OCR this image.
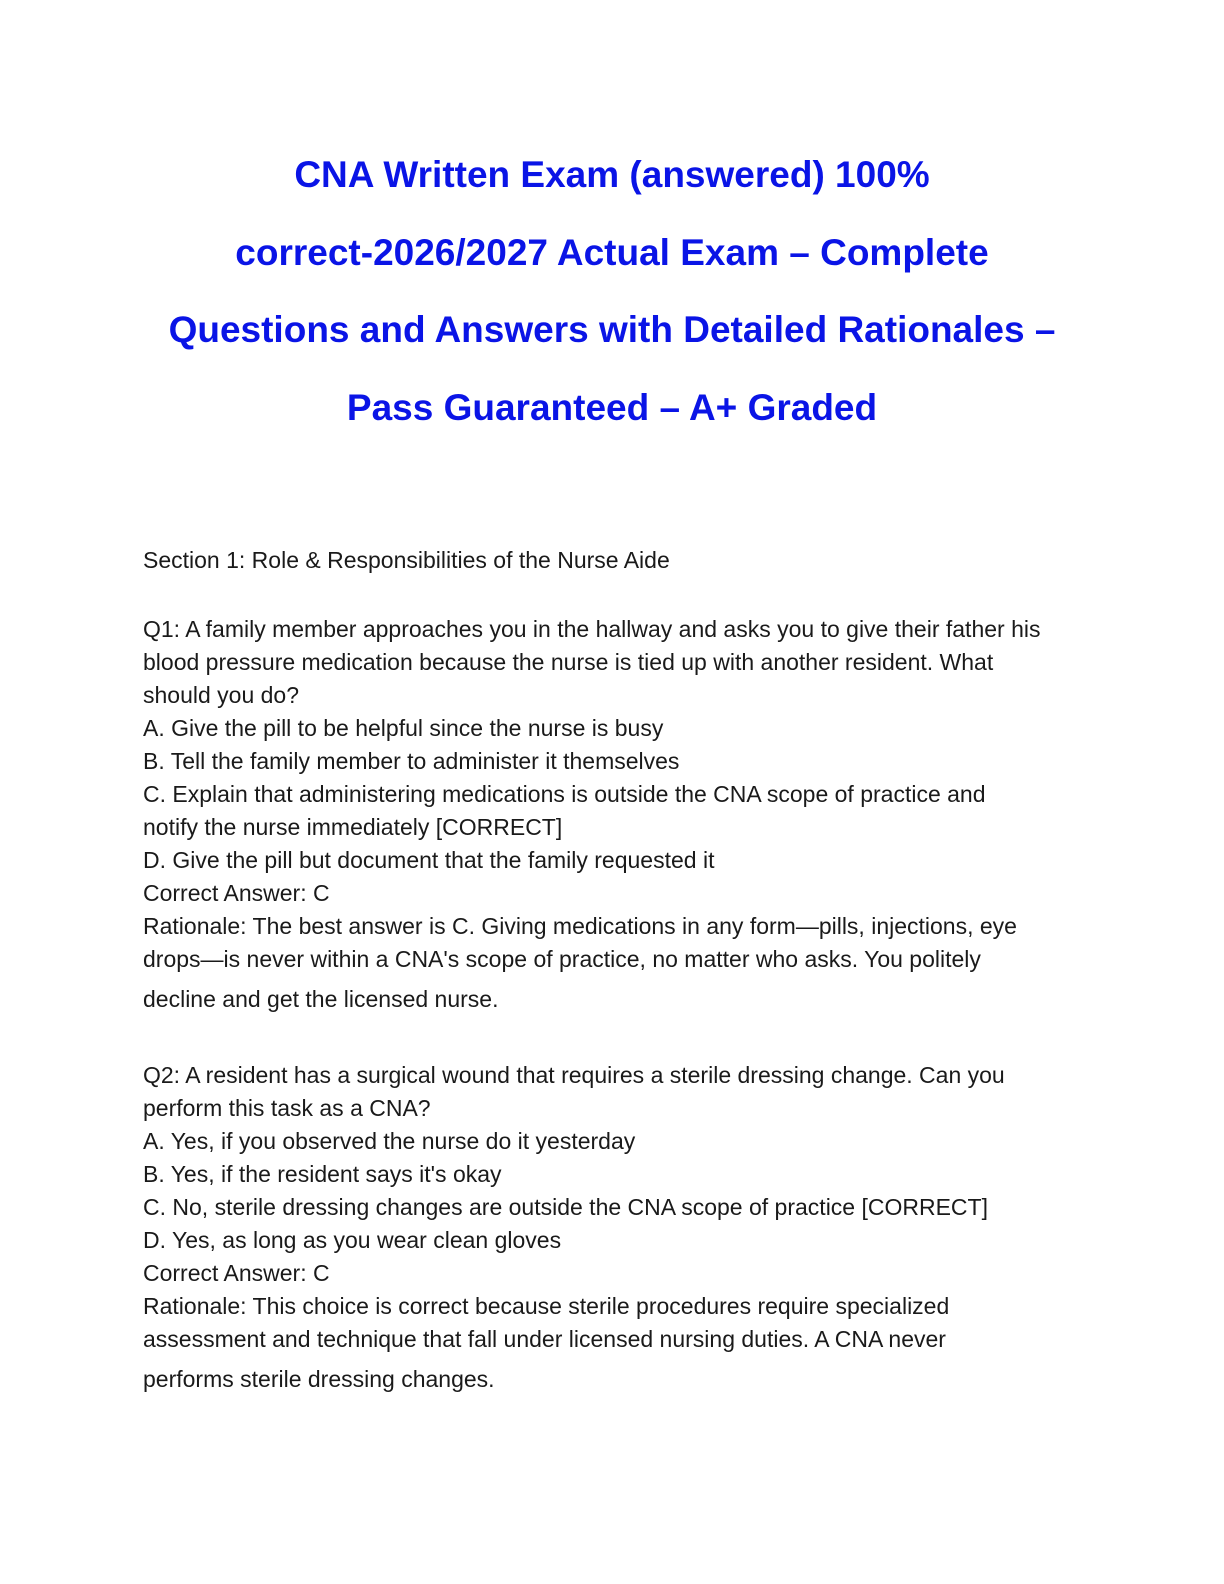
CNA Written Exam (answered) 100%
correct-2026/2027 Actual Exam – Complete
Questions and Answers with Detailed Rationales –
Pass Guaranteed – A+ Graded

Section 1: Role & Responsibilities of the Nurse Aide

Q1: A family member approaches you in the hallway and asks you to give their father his
blood pressure medication because the nurse is tied up with another resident. What
should you do?
A. Give the pill to be helpful since the nurse is busy
B. Tell the family member to administer it themselves
C. Explain that administering medications is outside the CNA scope of practice and
notify the nurse immediately [CORRECT]
D. Give the pill but document that the family requested it
Correct Answer: C
Rationale: The best answer is C. Giving medications in any form—pills, injections, eye
drops—is never within a CNA's scope of practice, no matter who asks. You politely
decline and get the licensed nurse.
Q2: A resident has a surgical wound that requires a sterile dressing change. Can you
perform this task as a CNA?
A. Yes, if you observed the nurse do it yesterday
B. Yes, if the resident says it's okay
C. No, sterile dressing changes are outside the CNA scope of practice [CORRECT]
D. Yes, as long as you wear clean gloves
Correct Answer: C
Rationale: This choice is correct because sterile procedures require specialized
assessment and technique that fall under licensed nursing duties. A CNA never
performs sterile dressing changes.
